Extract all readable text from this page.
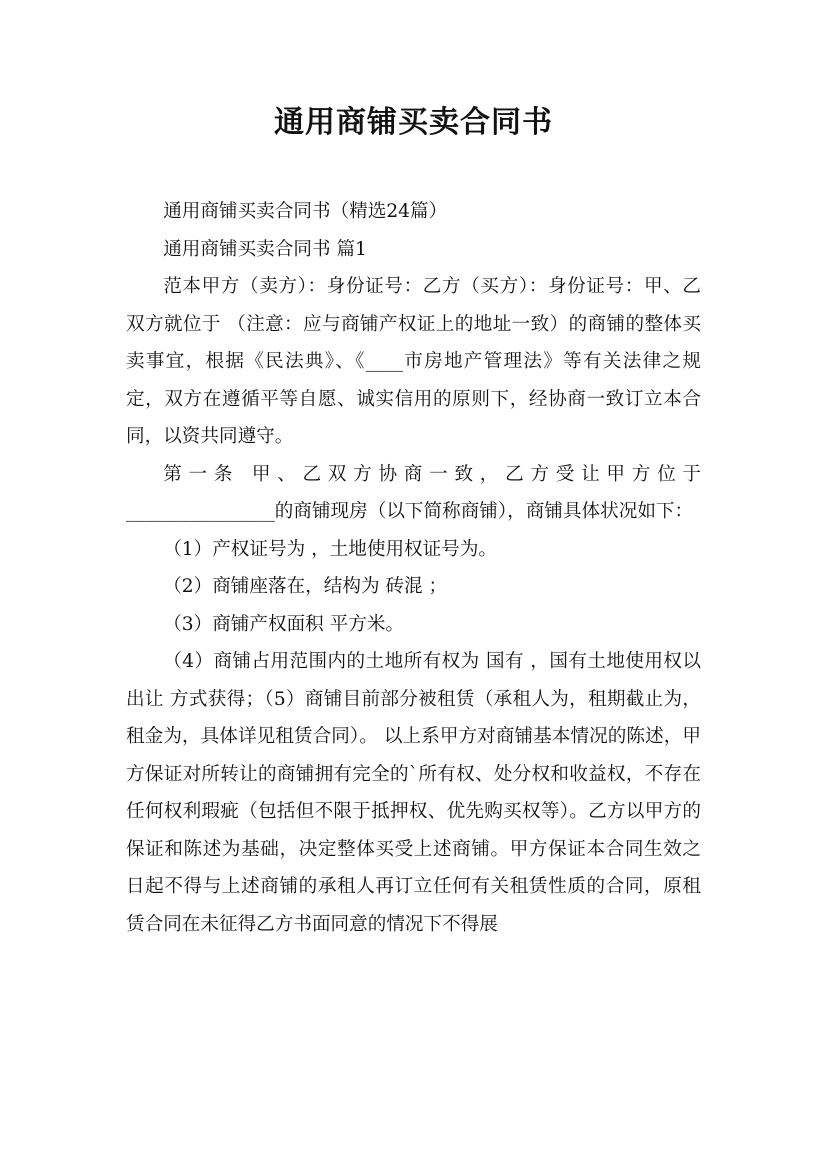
通用商铺买卖合同书

通用商铺买卖合同书（精选24篇）

通用商铺买卖合同书 篇1

范本甲方（卖方）：身份证号：乙方（买方）：身份证号：甲、乙双方就位于 （注意：应与商铺产权证上的地址一致）的商铺的整体买卖事宜，根据《民法典》、《____市房地产管理法》等有关法律之规定，双方在遵循平等自愿、诚实信用的原则下，经协商一致订立本合同，以资共同遵守。

第一条 甲、乙双方协商一致，乙方受让甲方位于________________的商铺现房（以下简称商铺），商铺具体状况如下：

（1）产权证号为 ，土地使用权证号为。

（2）商铺座落在，结构为 砖混 ；

（3）商铺产权面积 平方米。

（4）商铺占用范围内的土地所有权为 国有 ，国有土地使用权以 出让 方式获得；（5）商铺目前部分被租赁（承租人为，租期截止为，租金为，具体详见租赁合同）。 以上系甲方对商铺基本情况的陈述，甲方保证对所转让的商铺拥有完全的`所有权、处分权和收益权，不存在任何权利瑕疵（包括但不限于抵押权、优先购买权等）。乙方以甲方的保证和陈述为基础，决定整体买受上述商铺。甲方保证本合同生效之日起不得与上述商铺的承租人再订立任何有关租赁性质的合同，原租赁合同在未征得乙方书面同意的情况下不得展
